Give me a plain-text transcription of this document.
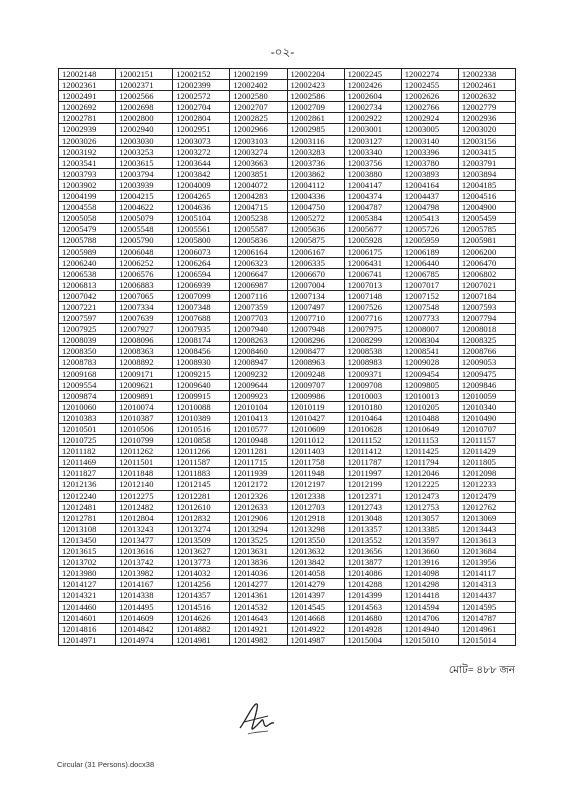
-০২-
12002148	12002151	12002152	12002199	12002204	12002245	12002274	12002338
12002361	12002371	12002399	12002402	12002423	12002426	12002455	12002461
12002491	12002566	12002572	12002580	12002586	12002604	12002626	12002632
12002692	12002698	12002704	12002707	12002709	12002734	12002766	12002779
12002781	12002800	12002804	12002825	12002861	12002922	12002924	12002936
12002939	12002940	12002951	12002966	12002985	12003001	12003005	12003020
12003026	12003030	12003073	12003103	12003116	12003127	12003140	12003156
12003192	12003253	12003272	12003274	12003283	12003340	12003396	12003415
12003541	12003615	12003644	12003663	12003736	12003756	12003780	12003791
12003793	12003794	12003842	12003851	12003862	12003880	12003893	12003894
12003902	12003939	12004009	12004072	12004112	12004147	12004164	12004185
12004199	12004215	12004265	12004283	12004336	12004374	12004437	12004516
12004558	12004622	12004636	12004715	12004750	12004787	12004798	12004900
12005058	12005079	12005104	12005238	12005272	12005384	12005413	12005459
12005479	12005548	12005561	12005587	12005636	12005677	12005726	12005785
12005788	12005790	12005800	12005836	12005875	12005928	12005959	12005981
12005989	12006048	12006073	12006164	12006167	12006175	12006189	12006200
12006240	12006252	12006264	12006323	12006335	12006431	12006440	12006470
12006538	12006576	12006594	12006647	12006670	12006741	12006785	12006802
12006813	12006883	12006939	12006987	12007004	12007013	12007017	12007021
12007042	12007065	12007099	12007116	12007134	12007148	12007152	12007184
12007221	12007334	12007348	12007359	12007497	12007526	12007548	12007593
12007597	12007639	12007688	12007703	12007710	12007716	12007733	12007794
12007925	12007927	12007935	12007940	12007948	12007975	12008007	12008018
12008039	12008096	12008174	12008263	12008296	12008299	12008304	12008325
12008350	12008363	12008456	12008460	12008477	12008538	12008541	12008766
12008783	12008892	12008930	12008947	12008963	12008983	12009028	12009053
12009168	12009171	12009215	12009232	12009248	12009371	12009454	12009475
12009554	12009621	12009640	12009644	12009707	12009708	12009805	12009846
12009874	12009891	12009915	12009923	12009986	12010003	12010013	12010059
12010060	12010074	12010088	12010104	12010119	12010180	12010205	12010340
12010383	12010387	12010389	12010413	12010427	12010464	12010488	12010490
12010501	12010506	12010516	12010577	12010609	12010628	12010649	12010707
12010725	12010799	12010858	12010948	12011012	12011152	12011153	12011157
12011182	12011262	12011266	12011281	12011403	12011412	12011425	12011429
12011469	12011501	12011587	12011715	12011758	12011787	12011794	12011805
12011827	12011848	12011883	12011939	12011948	12011997	12012046	12012098
12012136	12012140	12012145	12012172	12012197	12012199	12012225	12012233
12012240	12012275	12012281	12012326	12012338	12012371	12012473	12012479
12012481	12012482	12012610	12012633	12012703	12012743	12012753	12012762
12012781	12012804	12012832	12012906	12012918	12013048	12013057	12013069
12013108	12013243	12013274	12013294	12013298	12013357	12013385	12013443
12013450	12013477	12013509	12013525	12013550	12013552	12013597	12013613
12013615	12013616	12013627	12013631	12013632	12013656	12013660	12013684
12013702	12013742	12013773	12013836	12013842	12013877	12013916	12013956
12013980	12013982	12014032	12014036	12014058	12014086	12014098	12014117
12014127	12014167	12014256	12014277	12014279	12014288	12014298	12014313
12014321	12014338	12014357	12014361	12014397	12014399	12014418	12014437
12014460	12014495	12014516	12014532	12014545	12014563	12014594	12014595
12014601	12014609	12014626	12014643	12014668	12014680	12014706	12014787
12014816	12014842	12014882	12014921	12014922	12014928	12014940	12014961
12014971	12014974	12014981	12014982	12014987	12015004	12015010	12015014
মোট= ৪৮৮ জন
Circular (31 Persons).docx38
